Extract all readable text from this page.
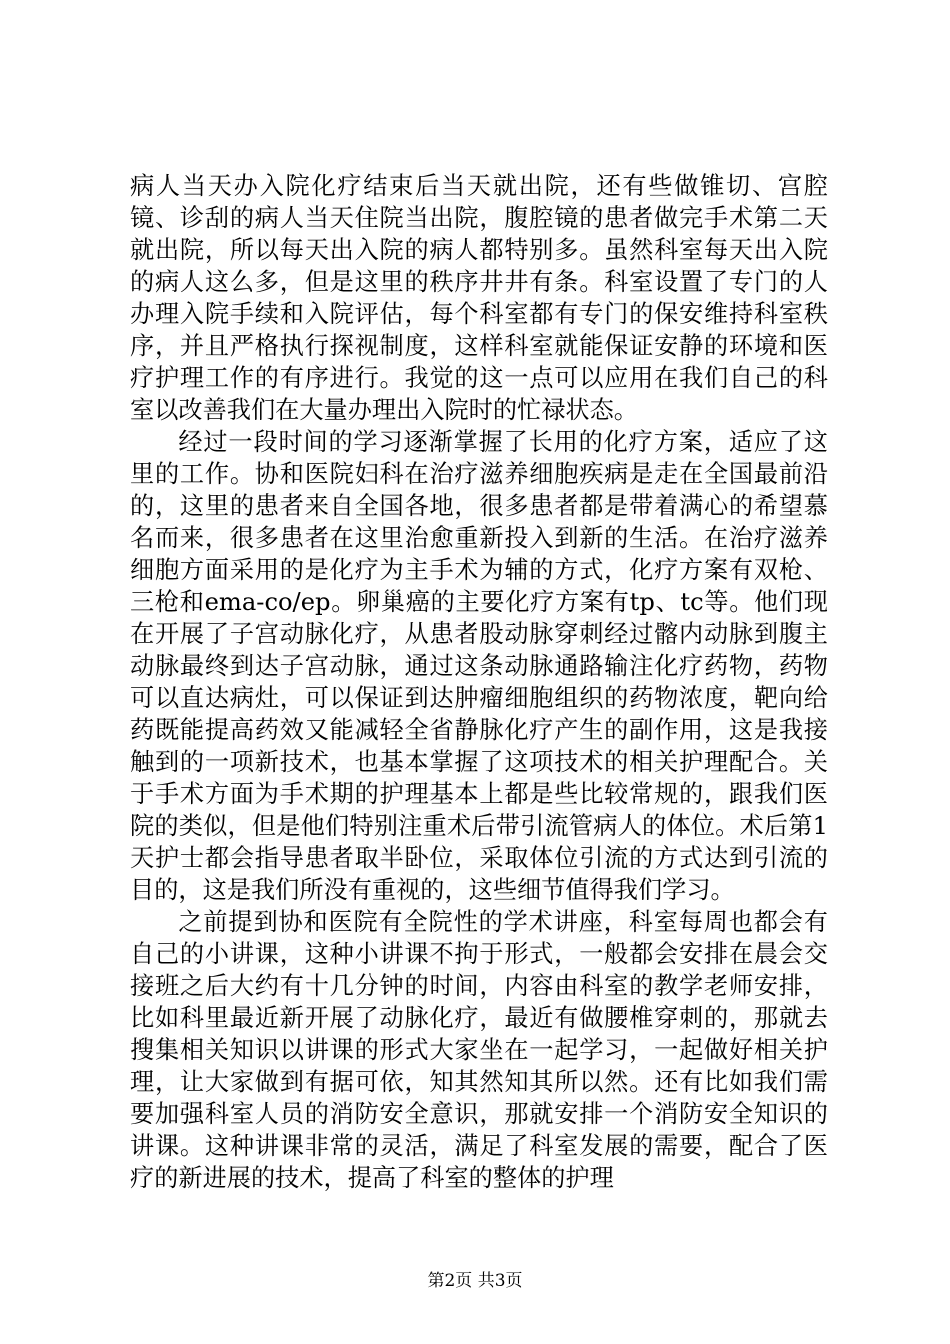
病人当天办入院化疗结束后当天就出院，还有些做锥切、宫腔镜、诊刮的病人当天住院当出院，腹腔镜的患者做完手术第二天就出院，所以每天出入院的病人都特别多。虽然科室每天出入院的病人这么多，但是这里的秩序井井有条。科室设置了专门的人办理入院手续和入院评估，每个科室都有专门的保安维持科室秩序，并且严格执行探视制度，这样科室就能保证安静的环境和医疗护理工作的有序进行。我觉的这一点可以应用在我们自己的科室以改善我们在大量办理出入院时的忙禄状态。

经过一段时间的学习逐渐掌握了长用的化疗方案，适应了这里的工作。协和医院妇科在治疗滋养细胞疾病是走在全国最前沿的，这里的患者来自全国各地，很多患者都是带着满心的希望慕名而来，很多患者在这里治愈重新投入到新的生活。在治疗滋养细胞方面采用的是化疗为主手术为辅的方式，化疗方案有双枪、三枪和ema-co/ep。卵巢癌的主要化疗方案有tp、tc等。他们现在开展了子宫动脉化疗，从患者股动脉穿刺经过髂内动脉到腹主动脉最终到达子宫动脉，通过这条动脉通路输注化疗药物，药物可以直达病灶，可以保证到达肿瘤细胞组织的药物浓度，靶向给药既能提高药效又能减轻全省静脉化疗产生的副作用，这是我接触到的一项新技术，也基本掌握了这项技术的相关护理配合。关于手术方面为手术期的护理基本上都是些比较常规的，跟我们医院的类似，但是他们特别注重术后带引流管病人的体位。术后第1天护士都会指导患者取半卧位，采取体位引流的方式达到引流的目的，这是我们所没有重视的，这些细节值得我们学习。

之前提到协和医院有全院性的学术讲座，科室每周也都会有自己的小讲课，这种小讲课不拘于形式，一般都会安排在晨会交接班之后大约有十几分钟的时间，内容由科室的教学老师安排，比如科里最近新开展了动脉化疗，最近有做腰椎穿刺的，那就去搜集相关知识以讲课的形式大家坐在一起学习，一起做好相关护理，让大家做到有据可依，知其然知其所以然。还有比如我们需要加强科室人员的消防安全意识，那就安排一个消防安全知识的讲课。这种讲课非常的灵活，满足了科室发展的需要，配合了医疗的新进展的技术，提高了科室的整体的护理

第2页 共3页
